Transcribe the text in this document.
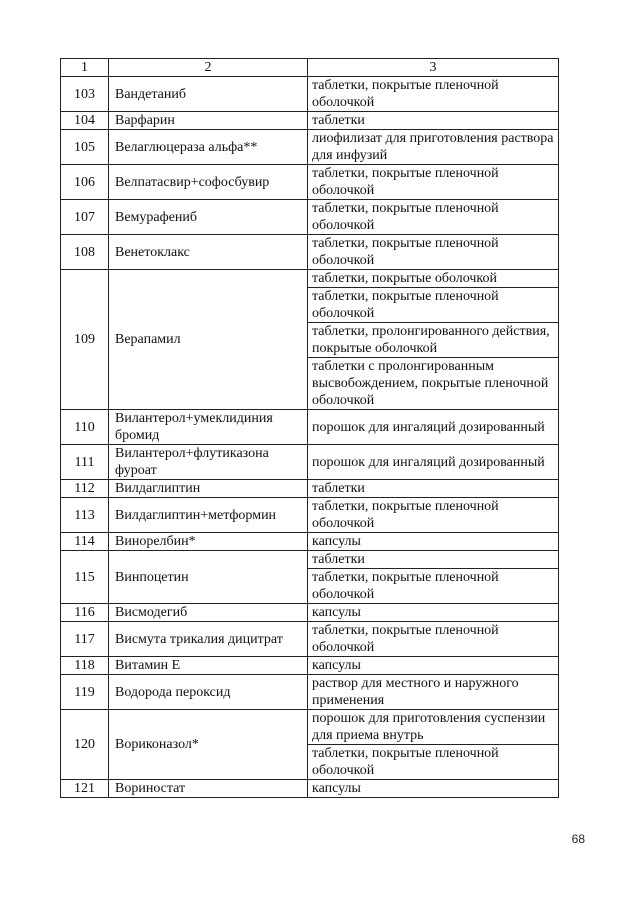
1	2	3
103	Вандетаниб	таблетки, покрытые пленочной оболочкой
104	Варфарин	таблетки
105	Велаглюцераза альфа**	лиофилизат для приготовления раствора для инфузий
106	Велпатасвир+софосбувир	таблетки, покрытые пленочной оболочкой
107	Вемурафениб	таблетки, покрытые пленочной оболочкой
108	Венетоклакс	таблетки, покрытые пленочной оболочкой
109	Верапамил	таблетки, покрытые оболочкой
		таблетки, покрытые пленочной оболочкой
		таблетки, пролонгированного действия, покрытые оболочкой
		таблетки с пролонгированным высвобождением, покрытые пленочной оболочкой
110	Вилантерол+умеклидиния бромид	порошок для ингаляций дозированный
111	Вилантерол+флутиказона фуроат	порошок для ингаляций дозированный
112	Вилдаглиптин	таблетки
113	Вилдаглиптин+метформин	таблетки, покрытые пленочной оболочкой
114	Винорелбин*	капсулы
115	Винпоцетин	таблетки
		таблетки, покрытые пленочной оболочкой
116	Висмодегиб	капсулы
117	Висмута трикалия дицитрат	таблетки, покрытые пленочной оболочкой
118	Витамин Е	капсулы
119	Водорода пероксид	раствор для местного и наружного применения
120	Вориконазол*	порошок для приготовления суспензии для приема внутрь
		таблетки, покрытые пленочной оболочкой
121	Вориностат	капсулы
68
